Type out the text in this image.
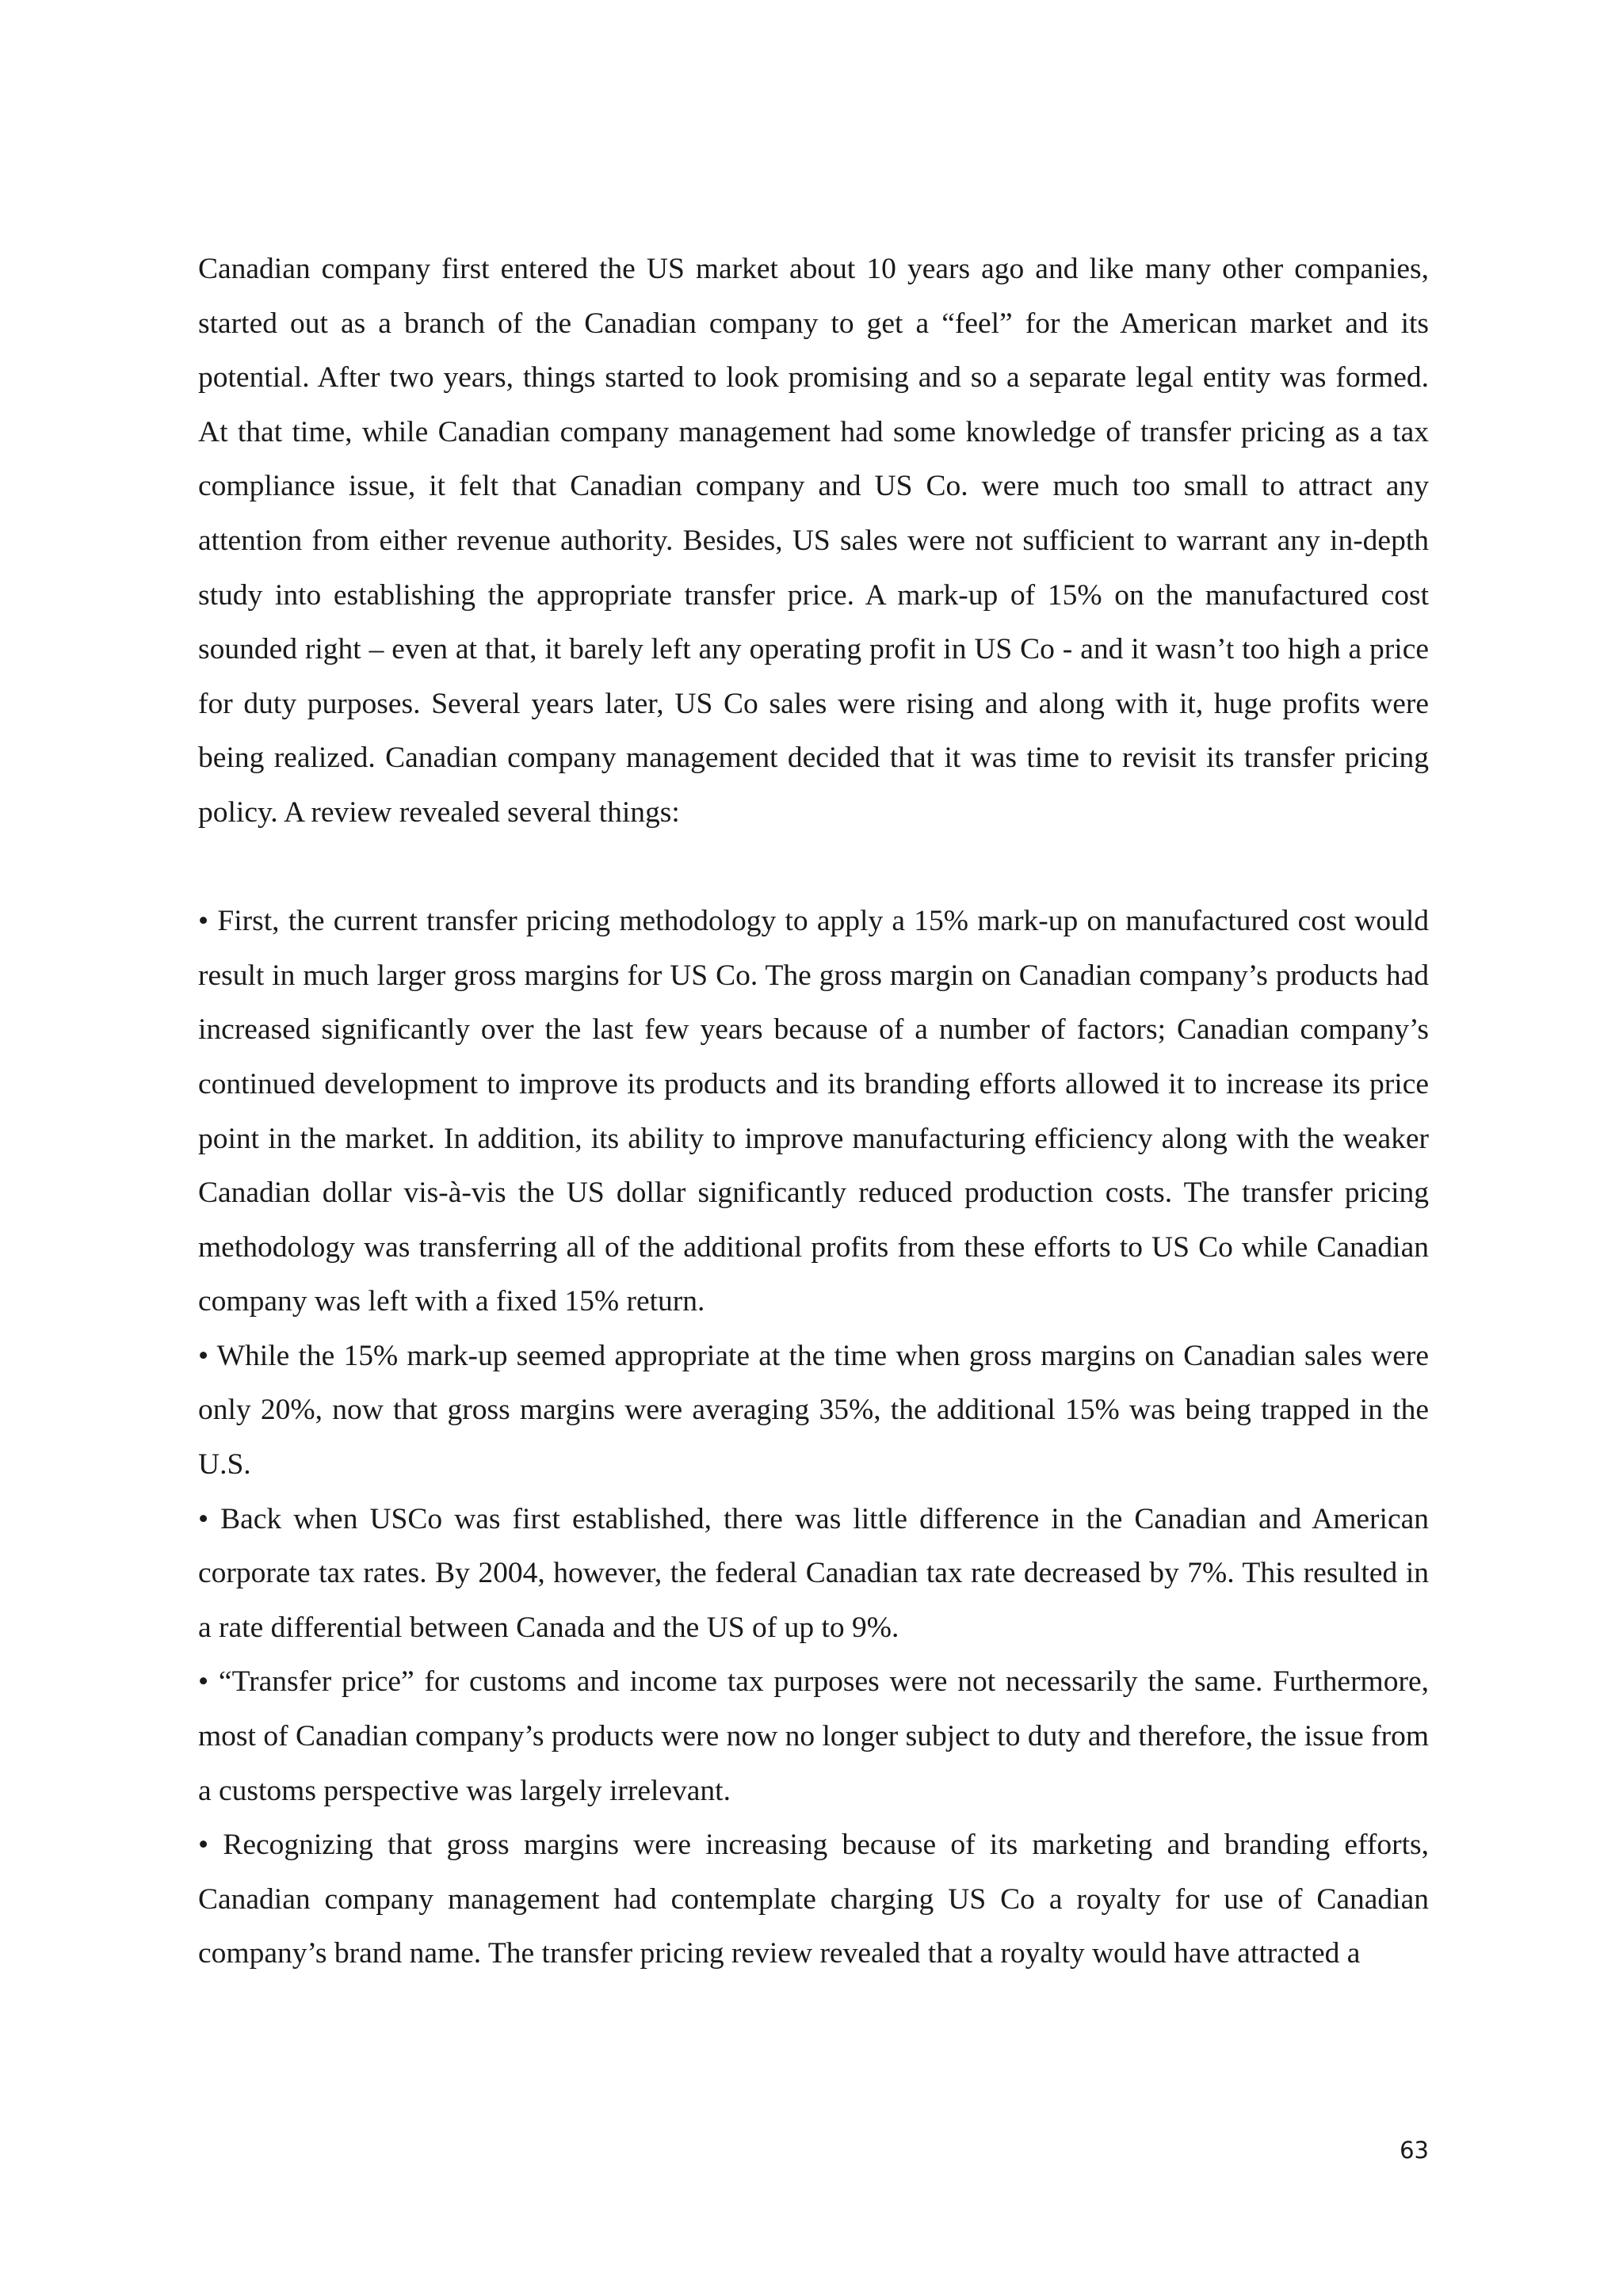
Canadian company first entered the US market about 10 years ago and like many other companies, started out as a branch of the Canadian company to get a “feel” for the American market and its potential. After two years, things started to look promising and so a separate legal entity was formed. At that time, while Canadian company management had some knowledge of transfer pricing as a tax compliance issue, it felt that Canadian company and US Co. were much too small to attract any attention from either revenue authority. Besides, US sales were not sufficient to warrant any in-depth study into establishing the appropriate transfer price. A mark-up of 15% on the manufactured cost sounded right – even at that, it barely left any operating profit in US Co - and it wasn’t too high a price for duty purposes. Several years later, US Co sales were rising and along with it, huge profits were being realized. Canadian company management decided that it was time to revisit its transfer pricing policy. A review revealed several things:

• First, the current transfer pricing methodology to apply a 15% mark-up on manufactured cost would result in much larger gross margins for US Co. The gross margin on Canadian company’s products had increased significantly over the last few years because of a number of factors; Canadian company’s continued development to improve its products and its branding efforts allowed it to increase its price point in the market. In addition, its ability to improve manufacturing efficiency along with the weaker Canadian dollar vis-à-vis the US dollar significantly reduced production costs. The transfer pricing methodology was transferring all of the additional profits from these efforts to US Co while Canadian company was left with a fixed 15% return.

• While the 15% mark-up seemed appropriate at the time when gross margins on Canadian sales were only 20%, now that gross margins were averaging 35%, the additional 15% was being trapped in the U.S.

• Back when USCo was first established, there was little difference in the Canadian and American corporate tax rates. By 2004, however, the federal Canadian tax rate decreased by 7%. This resulted in a rate differential between Canada and the US of up to 9%.

• “Transfer price” for customs and income tax purposes were not necessarily the same. Furthermore, most of Canadian company’s products were now no longer subject to duty and therefore, the issue from a customs perspective was largely irrelevant.

• Recognizing that gross margins were increasing because of its marketing and branding efforts, Canadian company management had contemplate charging US Co a royalty for use of Canadian company’s brand name. The transfer pricing review revealed that a royalty would have attracted a

63
